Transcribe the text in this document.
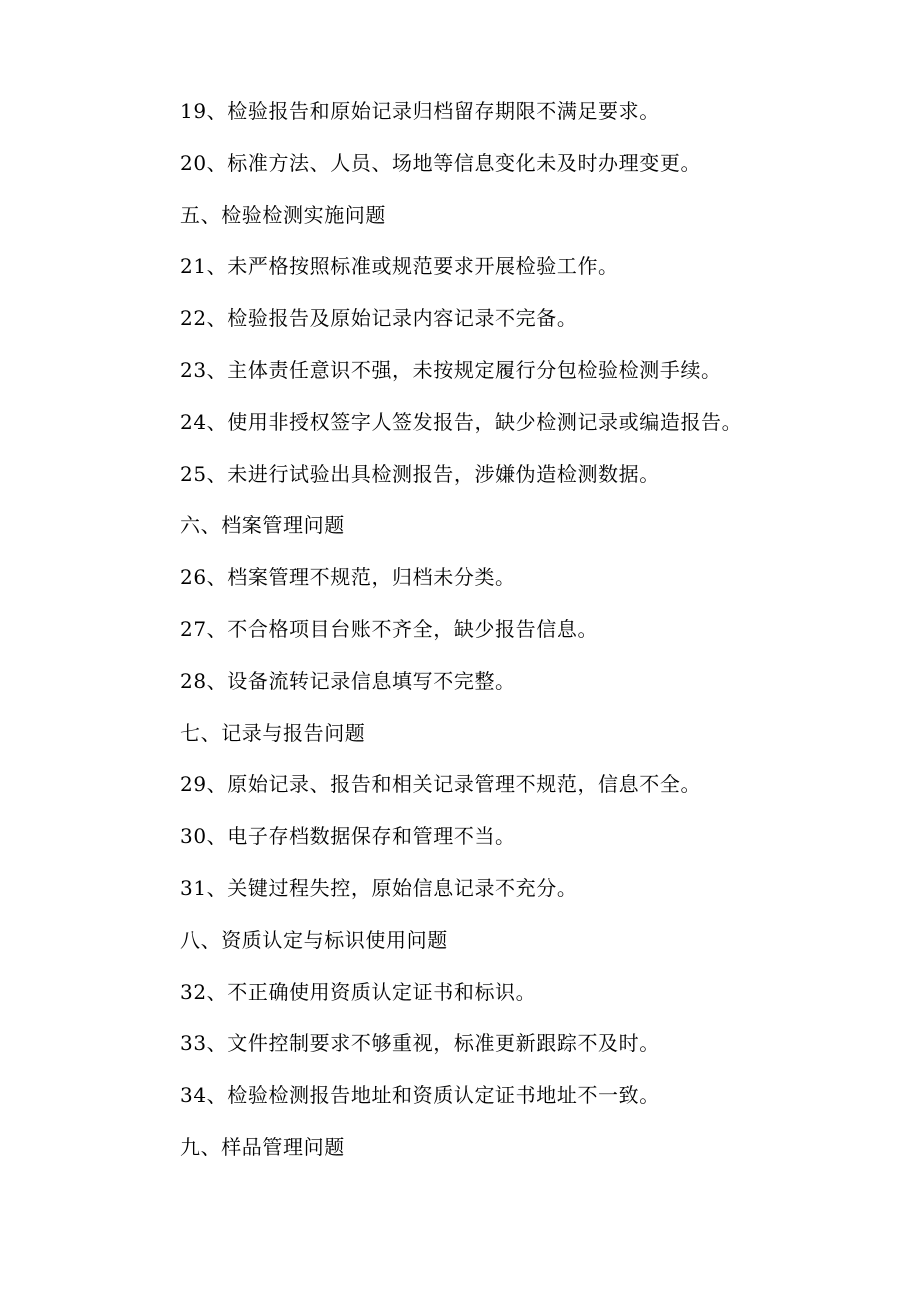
19、检验报告和原始记录归档留存期限不满足要求。
20、标准方法、人员、场地等信息变化未及时办理变更。
五、检验检测实施问题
21、未严格按照标准或规范要求开展检验工作。
22、检验报告及原始记录内容记录不完备。
23、主体责任意识不强，未按规定履行分包检验检测手续。
24、使用非授权签字人签发报告，缺少检测记录或编造报告。
25、未进行试验出具检测报告，涉嫌伪造检测数据。
六、档案管理问题
26、档案管理不规范，归档未分类。
27、不合格项目台账不齐全，缺少报告信息。
28、设备流转记录信息填写不完整。
七、记录与报告问题
29、原始记录、报告和相关记录管理不规范，信息不全。
30、电子存档数据保存和管理不当。
31、关键过程失控，原始信息记录不充分。
八、资质认定与标识使用问题
32、不正确使用资质认定证书和标识。
33、文件控制要求不够重视，标准更新跟踪不及时。
34、检验检测报告地址和资质认定证书地址不一致。
九、样品管理问题
